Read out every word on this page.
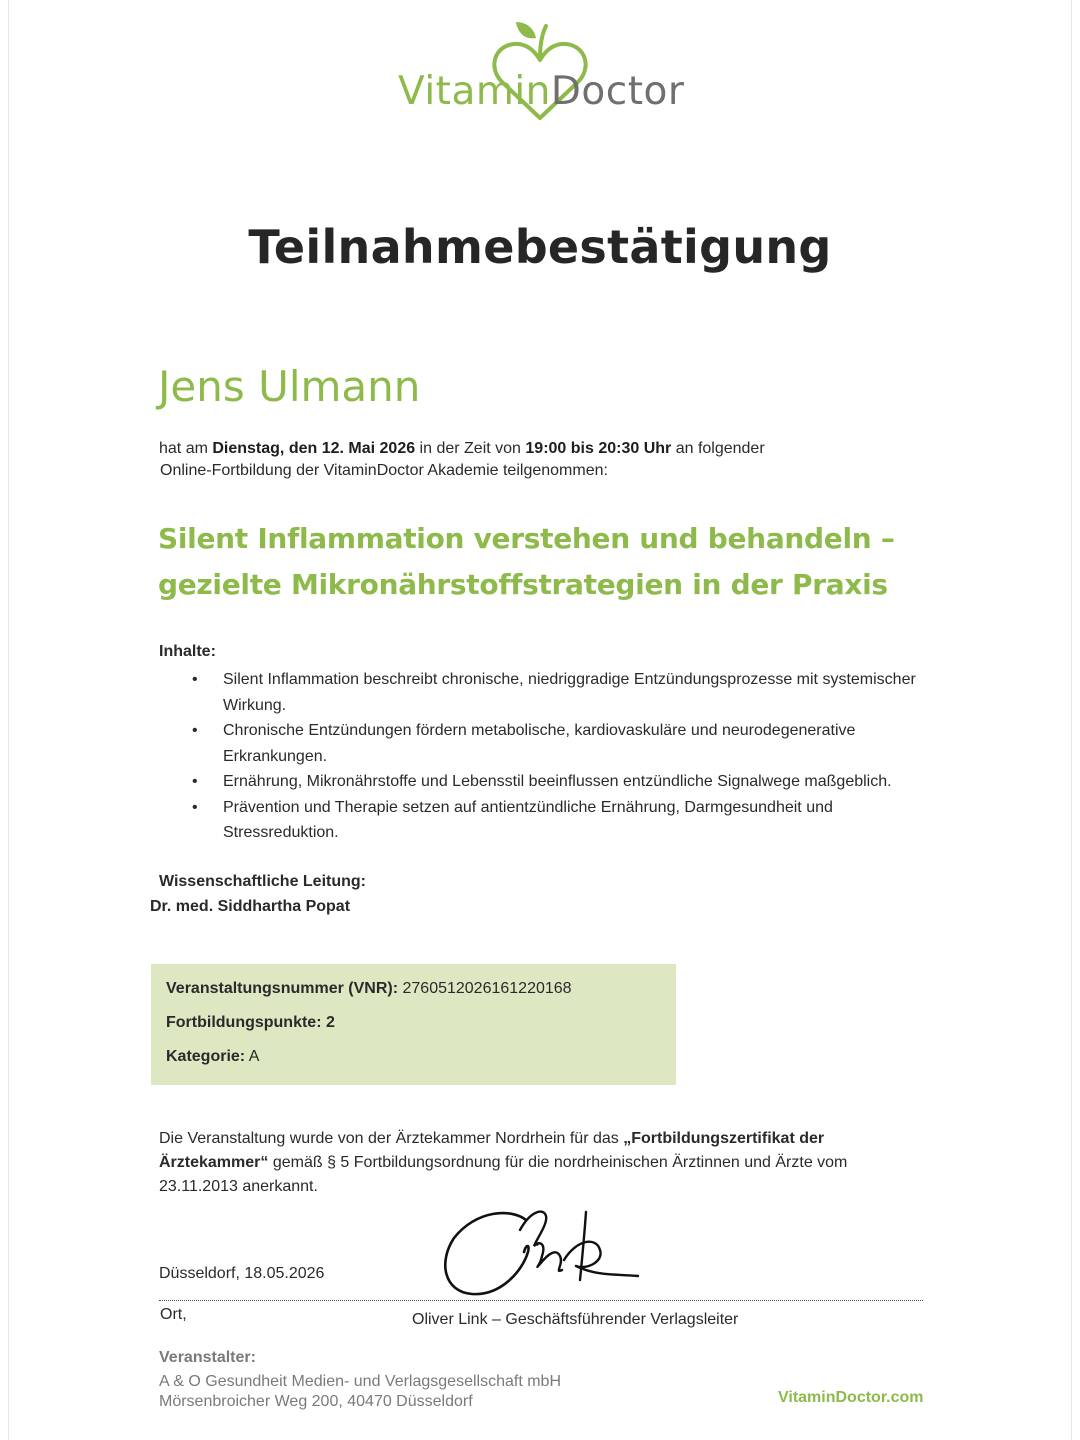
VitaminDoctor
Teilnahmebestätigung
Jens Ulmann
hat am Dienstag, den 12. Mai 2026 in der Zeit von 19:00 bis 20:30 Uhr an folgender
Online-Fortbildung der VitaminDoctor Akademie teilgenommen:
Silent Inflammation verstehen und behandeln – gezielte Mikronährstoffstrategien in der Praxis
Inhalte:
• Silent Inflammation beschreibt chronische, niedriggradige Entzündungsprozesse mit systemischer Wirkung.
• Chronische Entzündungen fördern metabolische, kardiovaskuläre und neurodegenerative Erkrankungen.
• Ernährung, Mikronährstoffe und Lebensstil beeinflussen entzündliche Signalwege maßgeblich.
• Prävention und Therapie setzen auf antientzündliche Ernährung, Darmgesundheit und Stressreduktion.
Wissenschaftliche Leitung:
Dr. med. Siddhartha Popat
Veranstaltungsnummer (VNR): 2760512026161220168
Fortbildungspunkte: 2
Kategorie: A
Die Veranstaltung wurde von der Ärztekammer Nordrhein für das „Fortbildungszertifikat der Ärztekammer“ gemäß § 5 Fortbildungsordnung für die nordrheinischen Ärztinnen und Ärzte vom 23.11.2013 anerkannt.
Düsseldorf, 18.05.2026
Ort,	Oliver Link – Geschäftsführender Verlagsleiter
Veranstalter:
A & O Gesundheit Medien- und Verlagsgesellschaft mbH
Mörsenbroicher Weg 200, 40470 Düsseldorf	VitaminDoctor.com
